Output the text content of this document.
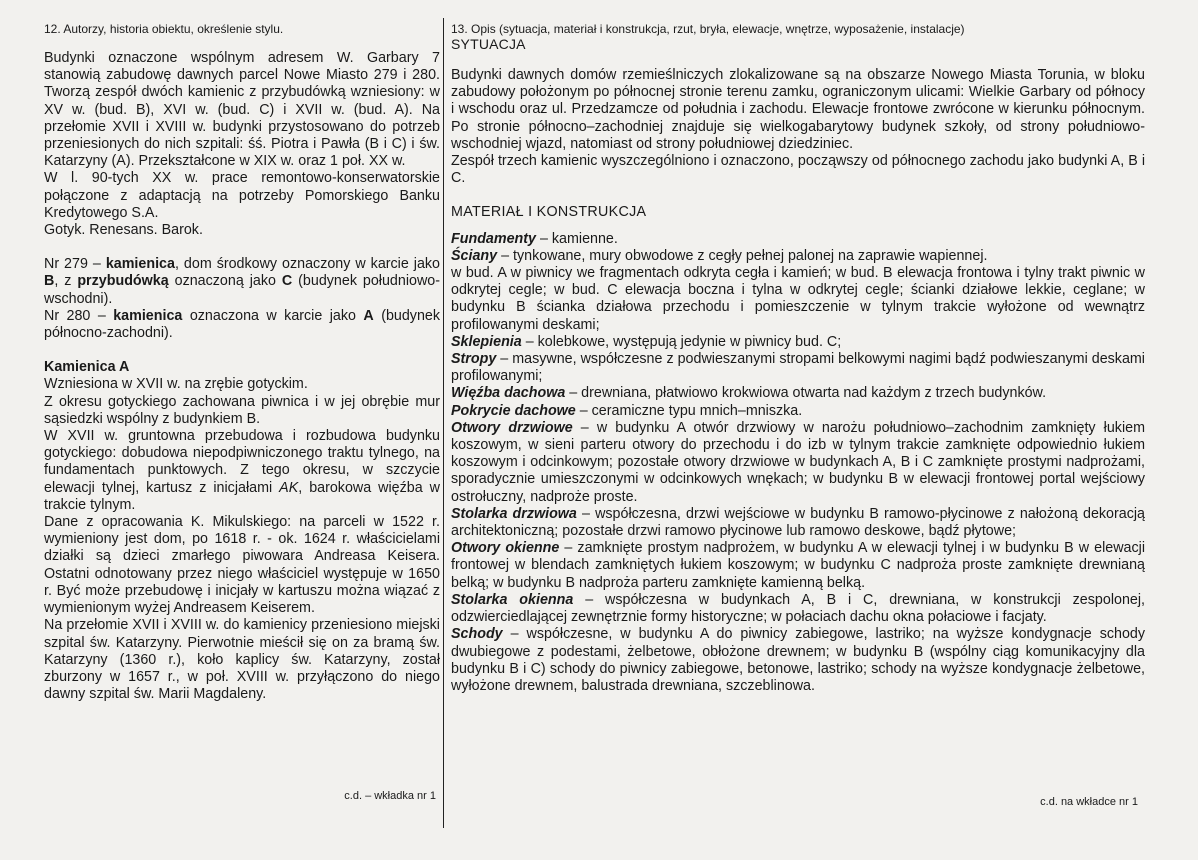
12. Autorzy, historia obiektu, określenie stylu.

Budynki oznaczone wspólnym adresem W. Garbary 7 stanowią zabudowę dawnych parcel Nowe Miasto 279 i 280. Tworzą zespół dwóch kamienic z przybudówką wzniesiony: w XV w. (bud. B), XVI w. (bud. C) i XVII w. (bud. A). Na przełomie XVII i XVIII w. budynki przystosowano do potrzeb przeniesionych do nich szpitali: śś. Piotra i Pawła (B i C) i św. Katarzyny (A). Przekształcone w XIX w. oraz 1 poł. XX w.

W l. 90-tych XX w. prace remontowo-konserwatorskie połączone z adaptacją na potrzeby Pomorskiego Banku Kredytowego S.A.

Gotyk. Renesans. Barok.

Nr 279 – kamienica, dom środkowy oznaczony w karcie jako B, z przybudówką oznaczoną jako C (budynek południowo-wschodni).

Nr 280 – kamienica oznaczona w karcie jako A (budynek północno-zachodni).

Kamienica A

Wzniesiona w XVII w. na zrębie gotyckim.

Z okresu gotyckiego zachowana piwnica i w jej obrębie mur sąsiedzki wspólny z budynkiem B.

W XVII w. gruntowna przebudowa i rozbudowa budynku gotyckiego: dobudowa niepodpiwniczonego traktu tylnego, na fundamentach punktowych. Z tego okresu, w szczycie elewacji tylnej, kartusz z inicjałami AK, barokowa więźba w trakcie tylnym.

Dane z opracowania K. Mikulskiego: na parceli w 1522 r. wymieniony jest dom, po 1618 r. - ok. 1624 r. właścicielami działki są dzieci zmarłego piwowara Andreasa Keisera. Ostatni odnotowany przez niego właściciel występuje w 1650 r. Być może przebudowę i inicjały w kartuszu można wiązać z wymienionym wyżej Andreasem Keiserem.

Na przełomie XVII i XVIII w. do kamienicy przeniesiono miejski szpital św. Katarzyny. Pierwotnie mieścił się on za bramą św. Katarzyny (1360 r.), koło kaplicy św. Katarzyny, został zburzony w 1657 r., w poł. XVIII w. przyłączono do niego dawny szpital św. Marii Magdaleny.

c.d. – wkładka nr 1

13. Opis (sytuacja, materiał i konstrukcja, rzut, bryła, elewacje, wnętrze, wyposażenie, instalacje)

SYTUACJA

Budynki dawnych domów rzemieślniczych zlokalizowane są na obszarze Nowego Miasta Torunia, w bloku zabudowy położonym po północnej stronie terenu zamku, ograniczonym ulicami: Wielkie Garbary od północy i wschodu oraz ul. Przedzamcze od południa i zachodu. Elewacje frontowe zwrócone w kierunku północnym. Po stronie północno–zachodniej znajduje się wielkogabarytowy budynek szkoły, od strony południowo-wschodniej wjazd, natomiast od strony południowej dziedziniec.

Zespół trzech kamienic wyszczególniono i oznaczono, począwszy od północnego zachodu jako budynki A, B i C.

MATERIAŁ I KONSTRUKCJA

Fundamenty – kamienne.

Ściany – tynkowane, mury obwodowe z cegły pełnej palonej na zaprawie wapiennej.

w bud. A w piwnicy we fragmentach odkryta cegła i kamień; w bud. B elewacja frontowa i tylny trakt piwnic w odkrytej cegle; w bud. C elewacja boczna i tylna w odkrytej cegle; ścianki działowe lekkie, ceglane; w budynku B ścianka działowa przechodu i pomieszczenie w tylnym trakcie wyłożone od wewnątrz profilowanymi deskami;

Sklepienia – kolebkowe, występują jedynie w piwnicy bud. C;

Stropy – masywne, współczesne z podwieszanymi stropami belkowymi nagimi bądź podwieszanymi deskami profilowanymi;

Więźba dachowa – drewniana, płatwiowo krokwiowa otwarta nad każdym z trzech budynków.

Pokrycie dachowe – ceramiczne typu mnich–mniszka.

Otwory drzwiowe – w budynku A otwór drzwiowy w narożu południowo–zachodnim zamknięty łukiem koszowym, w sieni parteru otwory do przechodu i do izb w tylnym trakcie zamknięte odpowiednio łukiem koszowym i odcinkowym; pozostałe otwory drzwiowe w budynkach A, B i C zamknięte prostymi nadprożami, sporadycznie umieszczonymi w odcinkowych wnękach; w budynku B w elewacji frontowej portal wejściowy ostrołuczny, nadproże proste.

Stolarka drzwiowa – współczesna, drzwi wejściowe w budynku B ramowo-płycinowe z nałożoną dekoracją architektoniczną; pozostałe drzwi ramowo płycinowe lub ramowo deskowe, bądź płytowe;

Otwory okienne – zamknięte prostym nadprożem, w budynku A w elewacji tylnej i w budynku B w elewacji frontowej w blendach zamkniętych łukiem koszowym; w budynku C nadproża proste zamknięte drewnianą belką; w budynku B nadproża parteru zamknięte kamienną belką.

Stolarka okienna – współczesna w budynkach A, B i C, drewniana, w konstrukcji zespolonej, odzwierciedlającej zewnętrznie formy historyczne; w połaciach dachu okna połaciowe i facjaty.

Schody – współczesne, w budynku A do piwnicy zabiegowe, lastriko; na wyższe kondygnacje schody dwubiegowe z podestami, żelbetowe, obłożone drewnem; w budynku B (wspólny ciąg komunikacyjny dla budynku B i C) schody do piwnicy zabiegowe, betonowe, lastriko; schody na wyższe kondygnacje żelbetowe, wyłożone drewnem, balustrada drewniana, szczeblinowa.

c.d. na wkładce nr 1
